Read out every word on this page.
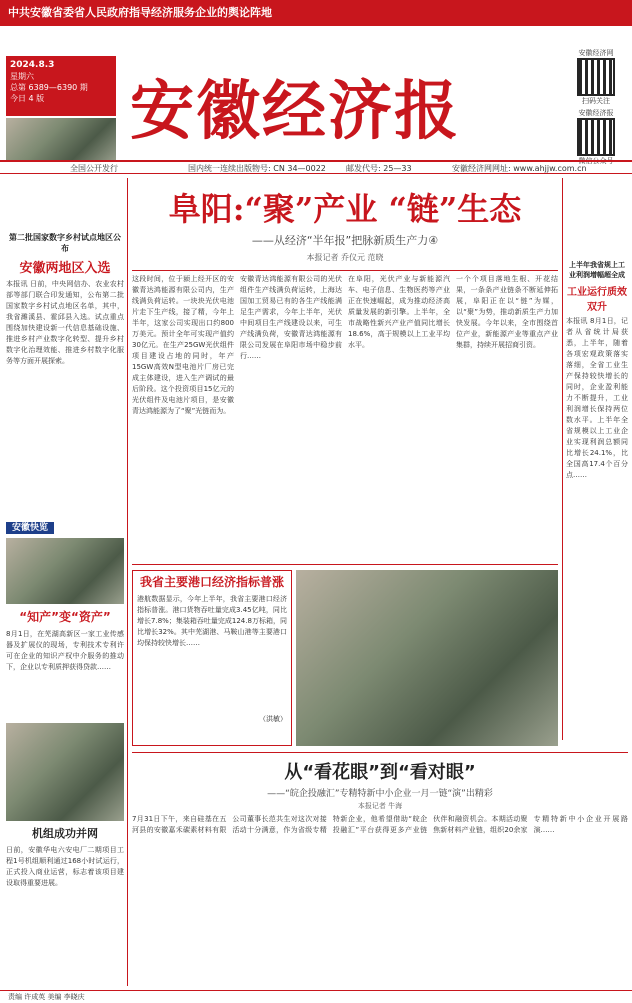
中共安徽省委省人民政府指导经济服务企业的舆论阵地
2024.8.3
星期六
总第 6389—6390 期
今日 4 版	安徽经济报
安徽经济网
扫码关注
安徽经济报
微信公众号
全国公开发行	国内统一连续出版物号: CN 34—0022	邮发代号: 25—33	安徽经济网网址: www.ahjjw.com.cn
第二批国家数字乡村试点地区公布
安徽两地区入选
本报讯 日前，中央网信办、农业农村部等部门联合印发通知，公布第二批国家数字乡村试点地区名单，其中，我省濉溪县、霍邱县入选。试点重点围绕加快建设新一代信息基础设施、推进乡村产业数字化转型、提升乡村数字化治理效能、推进乡村数字化服务等方面开展探索。
安徽快览
“知产”变“资产”
8月1日，在芜湖高新区一家工业传感器及扩展仪的现场，专利技术专利许可在企业的知识产权中介服务的推动下，企业以专利质押获得贷款……
机组成功并网
日前，安徽华电六安电厂二期项目工程1号机组顺利通过168小时试运行，正式投入商业运营，标志着该项目建设取得重要进展。
阜阳:“聚”产业 “链”生态
——从经济“半年报”把脉新质生产力④
本报记者 乔仪元 范晓
这段时间，位于颍上经开区的安徽青达鸿能源有限公司内，生产线满负荷运转。一块块光伏电池片走下生产线，接了精，今年上半年，这家公司实现出口约800万美元。预计全年可实现产值约30亿元。在生产25GW光伏组件项目建设占地的同时，年产15GW高效N型电池片厂房已完成主体建设，进入生产调试的最后阶段。这个投资项目15亿元的光伏组件及电池片项目，是安徽青达鸿能源为了“聚”光链而为。
安徽青达鸿能源有限公司的光伏组件生产线满负荷运转，上海达国加工贸易已有的各生产线能满足生产需求，今年上半年，光伏中间项目生产线建设以来，可生产线满负荷，安徽青达鸿能源有限公司发展在阜阳市场中稳步前行……
在阜阳，光伏产业与新能源汽车、电子信息、生物医药等产业正在快速崛起，成为推动经济高质量发展的新引擎。上半年，全市战略性新兴产业产值同比增长18.6%，高于规模以上工业平均水平。
一个个项目落地生根、开花结果，一条条产业链条不断延伸拓展，阜阳正在以“链”为媒，以“聚”为势，推动新质生产力加快发展。今年以来，全市围绕首位产业，新能源产业等重点产业集群，持续开展招商引资。
上半年我省规上工业利润增幅超全成
工业运行质效双升
本报讯 8月1日，记者从省统计局获悉，上半年，随着各项宏观政策落实落细，全省工业生产保持较快增长的同时，企业盈利能力不断提升，工业利润增长保持两位数水平。上半年全省规模以上工业企业实现利润总额同比增长24.1%，比全国高17.4个百分点……
我省主要港口经济指标普涨
港航数据显示，今年上半年，我省主要港口经济指标普涨。港口货物吞吐量完成3.45亿吨，同比增长7.8%；集装箱吞吐量完成124.8万标箱，同比增长32%。其中芜湖港、马鞍山港等主要港口均保持较快增长……
（洪敏）
从“看花眼”到“看对眼”
——“皖企投融汇”专精特新中小企业一月一链“演”出精彩
本报记者 牛海
7月31日下午，来自硅基在五河县的安徽嘉禾碳素材料有限公司董事长范共生对这次对接活动十分满意，作为省级专精特新企业，他希望借助“皖企投融汇”平台获得更多产业链伙伴和融资机会。本期活动聚焦新材料产业链，组织20余家专精特新中小企业开展路演……
责编 许成英 美编 李晓庆
